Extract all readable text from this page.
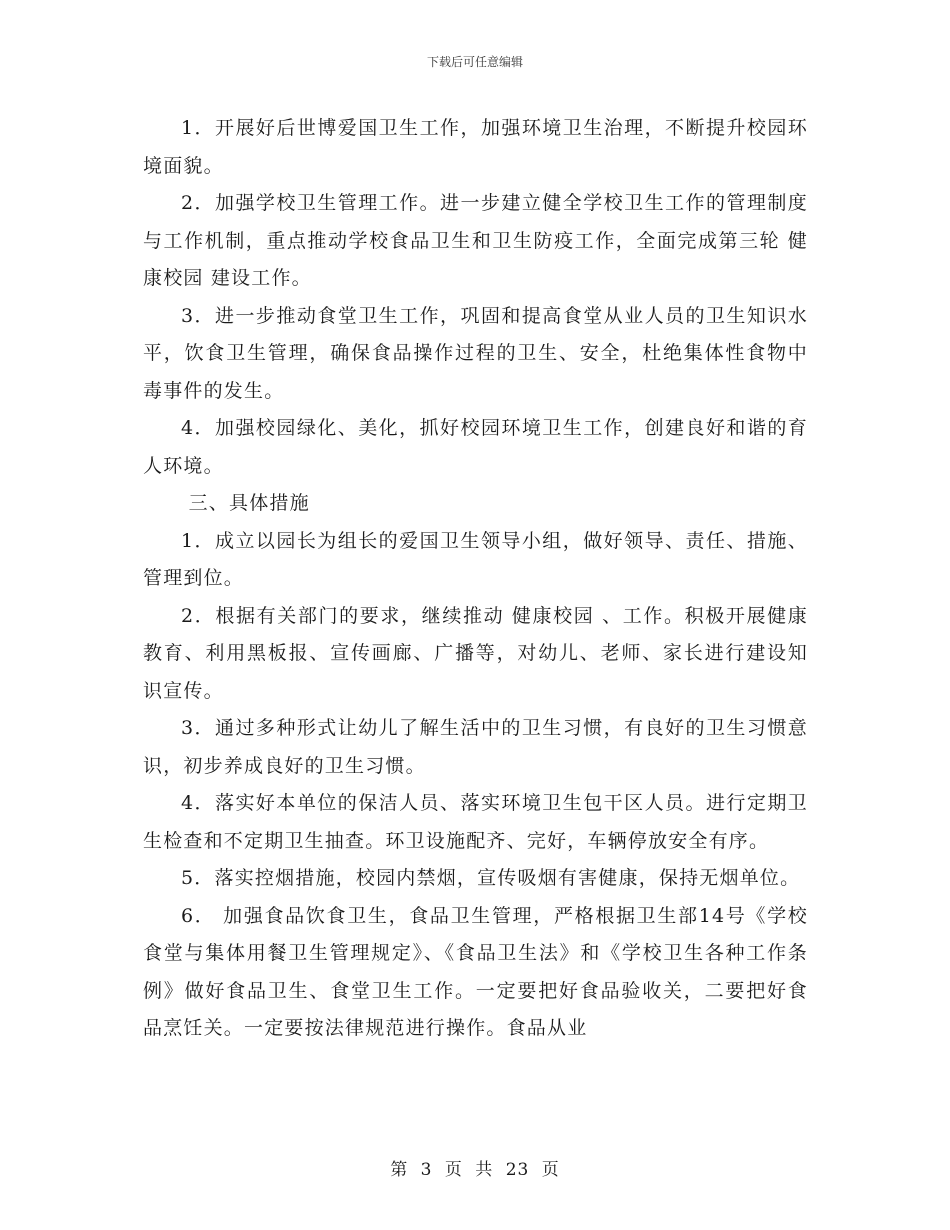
下载后可任意编辑

1．开展好后世博爱国卫生工作，加强环境卫生治理，不断提升校园环境面貌。

2．加强学校卫生管理工作。进一步建立健全学校卫生工作的管理制度与工作机制，重点推动学校食品卫生和卫生防疫工作，全面完成第三轮 健康校园 建设工作。

3．进一步推动食堂卫生工作，巩固和提高食堂从业人员的卫生知识水平，饮食卫生管理，确保食品操作过程的卫生、安全，杜绝集体性食物中毒事件的发生。

4．加强校园绿化、美化，抓好校园环境卫生工作，创建良好和谐的育人环境。

三、具体措施

1．成立以园长为组长的爱国卫生领导小组，做好领导、责任、措施、管理到位。

2．根据有关部门的要求，继续推动 健康校园 、工作。积极开展健康教育、利用黑板报、宣传画廊、广播等，对幼儿、老师、家长进行建设知识宣传。

3．通过多种形式让幼儿了解生活中的卫生习惯，有良好的卫生习惯意识，初步养成良好的卫生习惯。

4．落实好本单位的保洁人员、落实环境卫生包干区人员。进行定期卫生检查和不定期卫生抽查。环卫设施配齐、完好，车辆停放安全有序。

5．落实控烟措施，校园内禁烟，宣传吸烟有害健康，保持无烟单位。

6． 加强食品饮食卫生，食品卫生管理，严格根据卫生部14号《学校食堂与集体用餐卫生管理规定》、《食品卫生法》和《学校卫生各种工作条例》做好食品卫生、食堂卫生工作。一定要把好食品验收关，二要把好食品烹饪关。一定要按法律规范进行操作。食品从业

第 3 页 共 23 页
